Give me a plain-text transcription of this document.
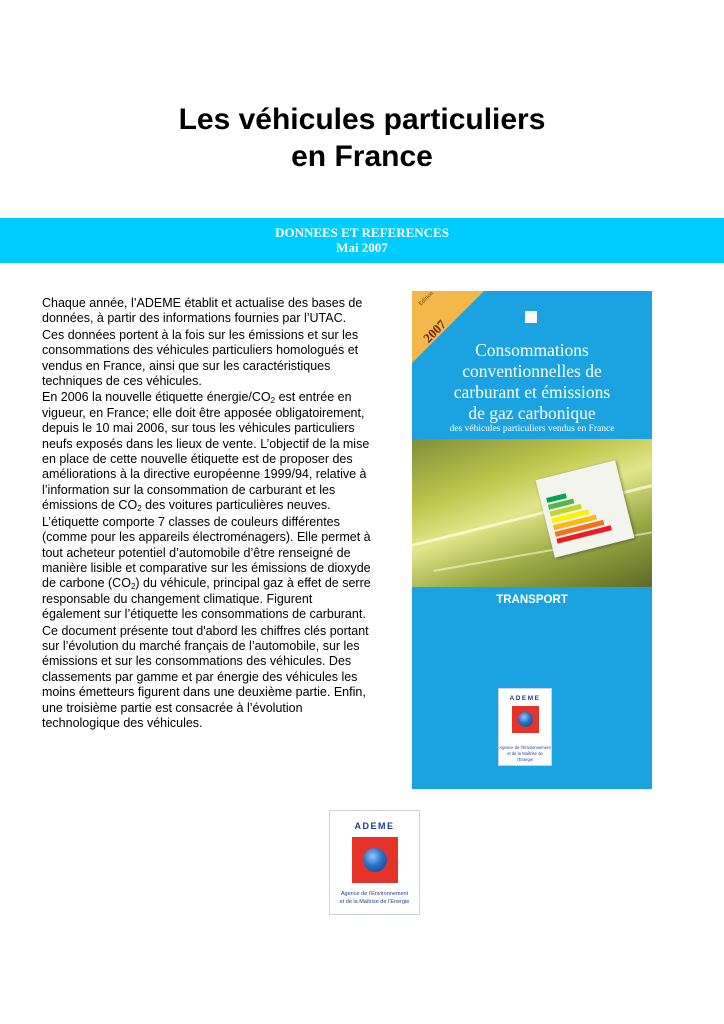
Les véhicules particuliers
en France
DONNEES ET REFERENCES
Mai 2007

Chaque année, l’ADEME établit et actualise des bases de données, à partir des informations fournies par l’UTAC.

Ces données portent à la fois sur les émissions et sur les consommations des véhicules particuliers homologués et vendus en France, ainsi que sur les caractéristiques techniques de ces véhicules.

En 2006 la nouvelle étiquette énergie/$CO_2$ est entrée en vigueur, en France; elle doit être apposée obligatoirement, depuis le 10 mai 2006, sur tous les véhicules particuliers neufs exposés dans les lieux de vente. L’objectif de la mise en place de cette nouvelle étiquette est de proposer des améliorations à la directive européenne 1999/94, relative à l’information sur la consommation de carburant et les émissions de $CO_2$ des voitures particulières neuves.

L’étiquette comporte 7 classes de couleurs différentes (comme pour les appareils électroménagers). Elle permet à tout acheteur potentiel d’automobile d’être renseigné de manière lisible et comparative sur les émissions de dioxyde de carbone $(CO_2)$ du véhicule, principal gaz à effet de serre responsable du changement climatique. Figurent également sur l’étiquette les consommations de carburant.

Ce document présente tout d'abord les chiffres clés portant sur l’évolution du marché français de l’automobile, sur les émissions et sur les consommations des véhicules. Des classements par gamme et par énergie des véhicules les moins émetteurs figurent dans une deuxième partie. Enfin, une troisième partie est consacrée à l’évolution technologique des véhicules.

Edition
2007
Consommations
conventionnelles de
carburant et émissions
de gaz carbonique
des véhicules particuliers vendus en France
TRANSPORT
ADEME
Agence de l’Environnement
et de la Maîtrise de l’Energie
ADEME
Agence de l’Environnement
et de la Maîtrise de l’Energie
